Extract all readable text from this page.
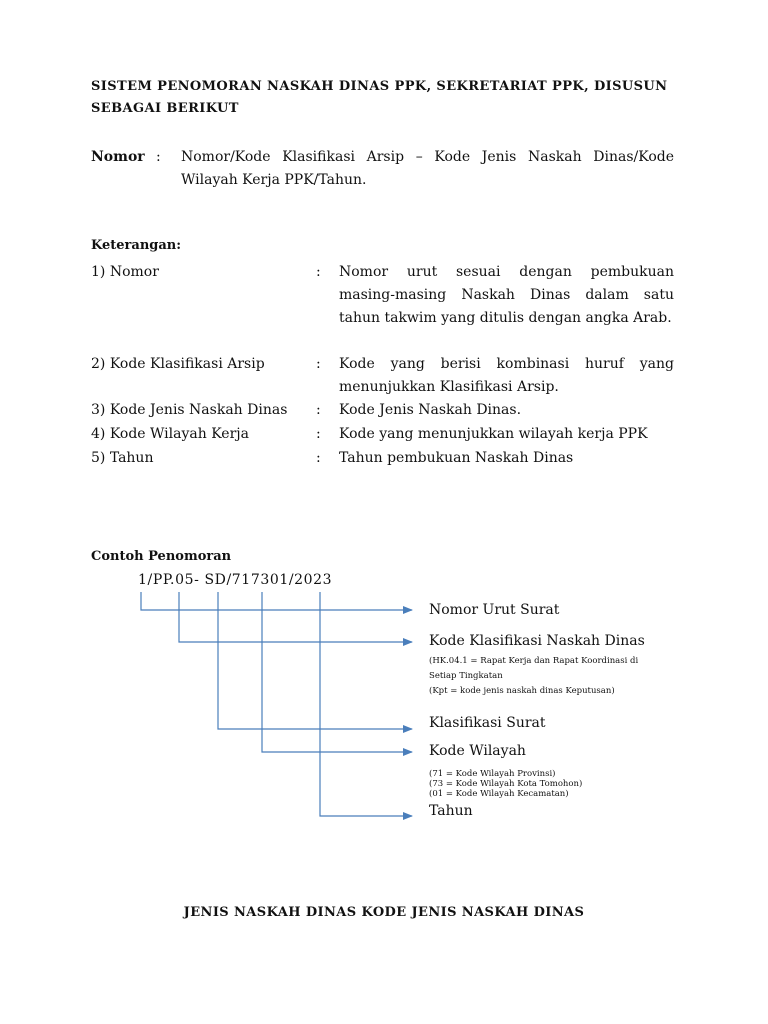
SISTEM PENOMORAN NASKAH DINAS PPK, SEKRETARIAT PPK, DISUSUN SEBAGAI BERIKUT
Nomor : Nomor/Kode Klasifikasi Arsip – Kode Jenis Naskah Dinas/Kode Wilayah Kerja PPK/Tahun.
Keterangan:
1) Nomor	: Nomor urut sesuai dengan pembukuan masing-masing Naskah Dinas dalam satu tahun takwim yang ditulis dengan angka Arab.
2) Kode Klasifikasi Arsip	: Kode yang berisi kombinasi huruf yang menunjukkan Klasifikasi Arsip.
3) Kode Jenis Naskah Dinas : Kode Jenis Naskah Dinas.
4) Kode Wilayah Kerja	: Kode yang menunjukkan wilayah kerja PPK
5) Tahun	: Tahun pembukuan Naskah Dinas
Contoh Penomoran
1/PP.05- SD/717301/2023
Nomor Urut Surat
Kode Klasifikasi Naskah Dinas
(HK.04.1 = Rapat Kerja dan Rapat Koordinasi di
Setiap Tingkatan
(Kpt = kode jenis naskah dinas Keputusan)
Klasifikasi Surat
Kode Wilayah
(71 = Kode Wilayah Provinsi)
(73 = Kode Wilayah Kota Tomohon)
(01 = Kode Wilayah Kecamatan)
Tahun
JENIS NASKAH DINAS KODE JENIS NASKAH DINAS
